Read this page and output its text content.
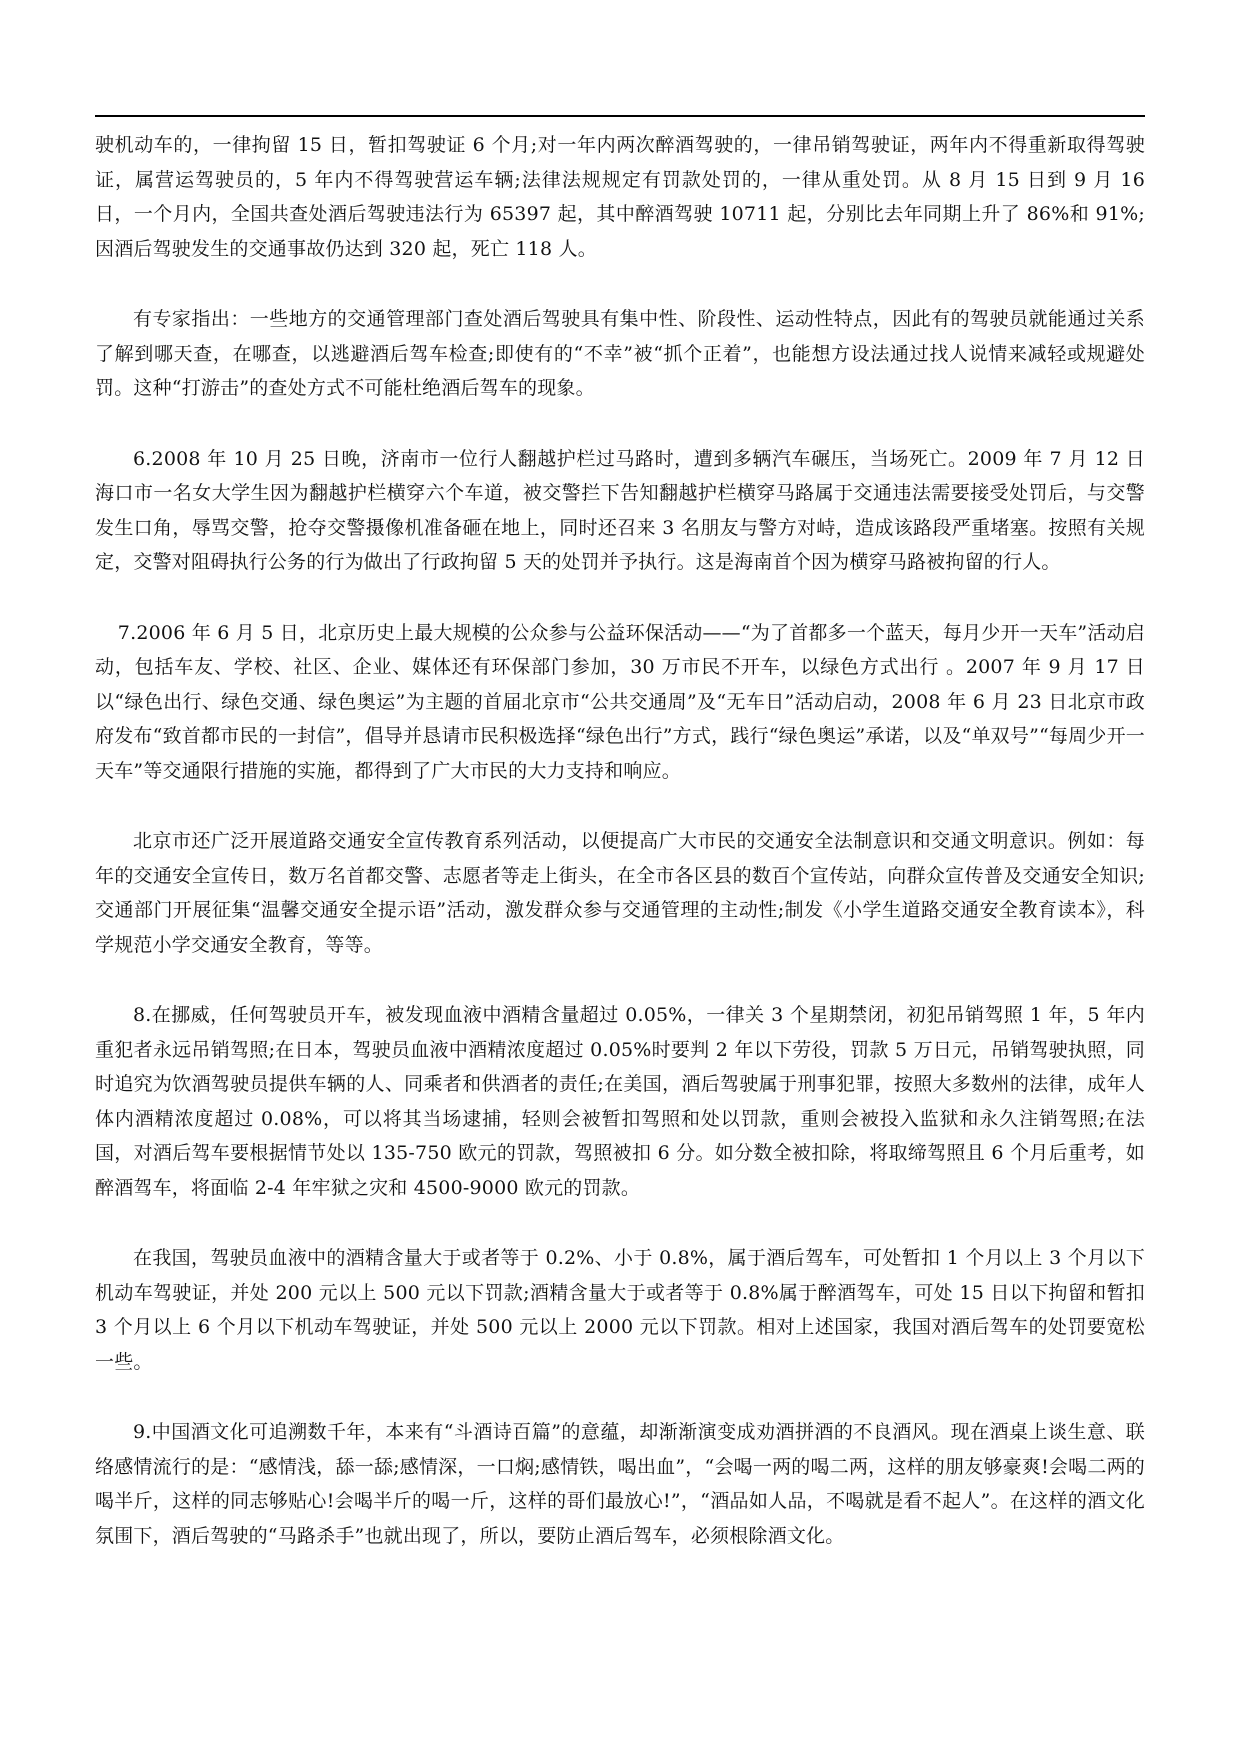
驶机动车的，一律拘留 15 日，暂扣驾驶证 6 个月;对一年内两次醉酒驾驶的，一律吊销驾驶证，两年内不得重新取得驾驶证，属营运驾驶员的，5 年内不得驾驶营运车辆;法律法规规定有罚款处罚的，一律从重处罚。从 8 月 15 日到 9 月 16 日，一个月内，全国共查处酒后驾驶违法行为 65397 起，其中醉酒驾驶 10711 起，分别比去年同期上升了 86%和 91%;因酒后驾驶发生的交通事故仍达到 320 起，死亡 118 人。

有专家指出：一些地方的交通管理部门查处酒后驾驶具有集中性、阶段性、运动性特点，因此有的驾驶员就能通过关系了解到哪天查，在哪查，以逃避酒后驾车检查;即使有的“不幸”被“抓个正着”，也能想方设法通过找人说情来减轻或规避处罚。这种“打游击”的查处方式不可能杜绝酒后驾车的现象。

6.2008 年 10 月 25 日晚，济南市一位行人翻越护栏过马路时，遭到多辆汽车碾压，当场死亡。2009 年 7 月 12 日海口市一名女大学生因为翻越护栏横穿六个车道，被交警拦下告知翻越护栏横穿马路属于交通违法需要接受处罚后，与交警发生口角，辱骂交警，抢夺交警摄像机准备砸在地上，同时还召来 3 名朋友与警方对峙，造成该路段严重堵塞。按照有关规定，交警对阻碍执行公务的行为做出了行政拘留 5 天的处罚并予执行。这是海南首个因为横穿马路被拘留的行人。

7.2006 年 6 月 5 日，北京历史上最大规模的公众参与公益环保活动——“为了首都多一个蓝天，每月少开一天车”活动启动，包括车友、学校、社区、企业、媒体还有环保部门参加，30 万市民不开车，以绿色方式出行 。2007 年 9 月 17 日以“绿色出行、绿色交通、绿色奥运”为主题的首届北京市“公共交通周”及“无车日”活动启动，2008 年 6 月 23 日北京市政府发布“致首都市民的一封信”，倡导并恳请市民积极选择“绿色出行”方式，践行“绿色奥运”承诺，以及“单双号”“每周少开一天车”等交通限行措施的实施，都得到了广大市民的大力支持和响应。

北京市还广泛开展道路交通安全宣传教育系列活动，以便提高广大市民的交通安全法制意识和交通文明意识。例如：每年的交通安全宣传日，数万名首都交警、志愿者等走上街头，在全市各区县的数百个宣传站，向群众宣传普及交通安全知识;交通部门开展征集“温馨交通安全提示语”活动，激发群众参与交通管理的主动性;制发《小学生道路交通安全教育读本》，科学规范小学交通安全教育，等等。

8.在挪威，任何驾驶员开车，被发现血液中酒精含量超过 0.05%，一律关 3 个星期禁闭，初犯吊销驾照 1 年，5 年内重犯者永远吊销驾照;在日本，驾驶员血液中酒精浓度超过 0.05%时要判 2 年以下劳役，罚款 5 万日元，吊销驾驶执照，同时追究为饮酒驾驶员提供车辆的人、同乘者和供酒者的责任;在美国，酒后驾驶属于刑事犯罪，按照大多数州的法律，成年人体内酒精浓度超过 0.08%，可以将其当场逮捕，轻则会被暂扣驾照和处以罚款，重则会被投入监狱和永久注销驾照;在法国，对酒后驾车要根据情节处以 135-750 欧元的罚款，驾照被扣 6 分。如分数全被扣除，将取缔驾照且 6 个月后重考，如醉酒驾车，将面临 2-4 年牢狱之灾和 4500-9000 欧元的罚款。

在我国，驾驶员血液中的酒精含量大于或者等于 0.2%、小于 0.8%，属于酒后驾车，可处暂扣 1 个月以上 3 个月以下机动车驾驶证，并处 200 元以上 500 元以下罚款;酒精含量大于或者等于 0.8%属于醉酒驾车，可处 15 日以下拘留和暂扣 3 个月以上 6 个月以下机动车驾驶证，并处 500 元以上 2000 元以下罚款。相对上述国家，我国对酒后驾车的处罚要宽松一些。

9.中国酒文化可追溯数千年，本来有“斗酒诗百篇”的意蕴，却渐渐演变成劝酒拼酒的不良酒风。现在酒桌上谈生意、联络感情流行的是：“感情浅，舔一舔;感情深，一口焖;感情铁，喝出血”，“会喝一两的喝二两，这样的朋友够豪爽!会喝二两的喝半斤，这样的同志够贴心!会喝半斤的喝一斤，这样的哥们最放心!”，“酒品如人品，不喝就是看不起人”。在这样的酒文化氛围下，酒后驾驶的“马路杀手”也就出现了，所以，要防止酒后驾车，必须根除酒文化。
